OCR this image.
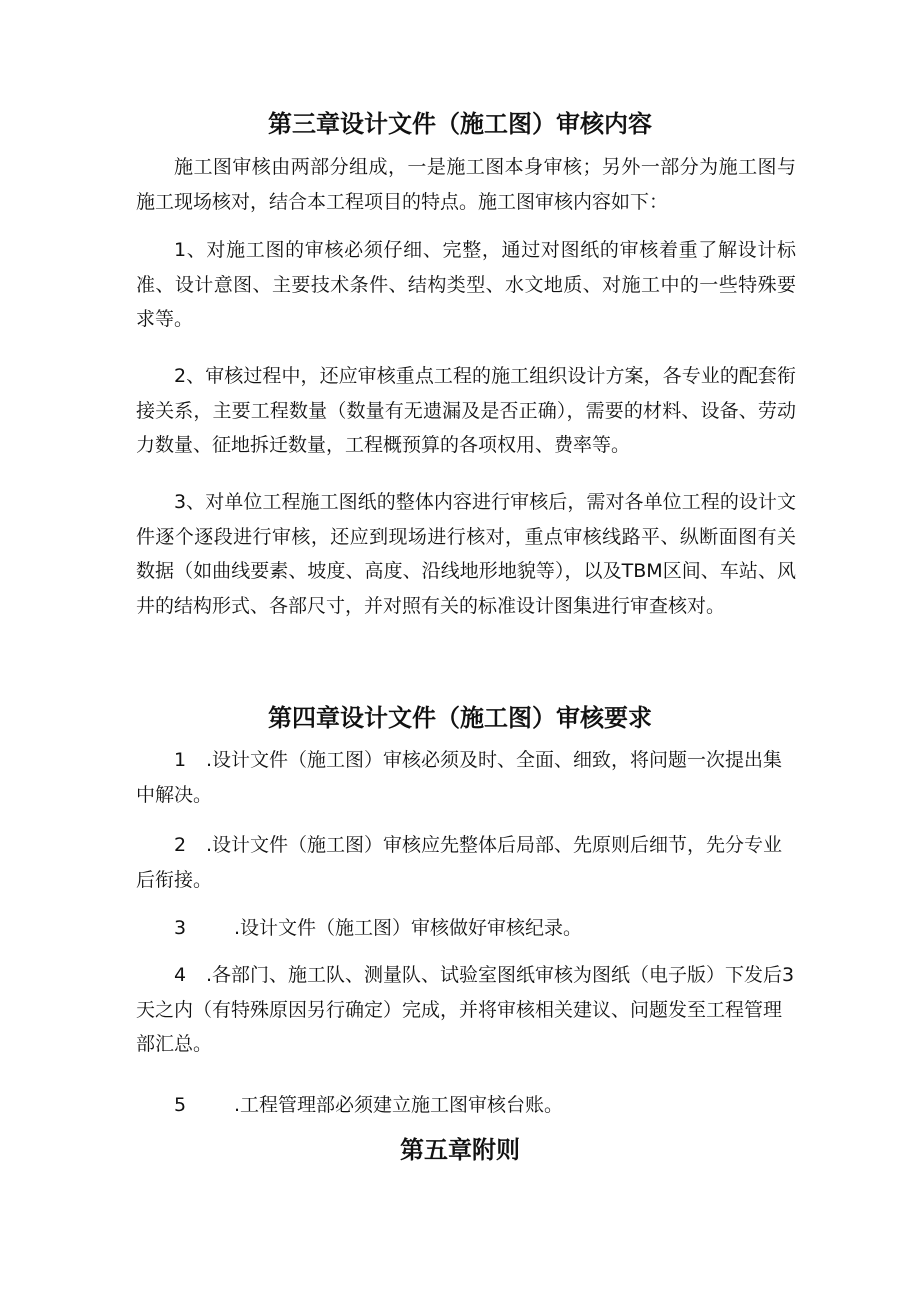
第三章设计文件（施工图）审核内容

施工图审核由两部分组成，一是施工图本身审核；另外一部分为施工图与施工现场核对，结合本工程项目的特点。施工图审核内容如下：

1、对施工图的审核必须仔细、完整，通过对图纸的审核着重了解设计标准、设计意图、主要技术条件、结构类型、水文地质、对施工中的一些特殊要求等。

2、审核过程中，还应审核重点工程的施工组织设计方案，各专业的配套衔接关系，主要工程数量（数量有无遗漏及是否正确），需要的材料、设备、劳动力数量、征地拆迁数量，工程概预算的各项权用、费率等。

3、对单位工程施工图纸的整体内容进行审核后，需对各单位工程的设计文件逐个逐段进行审核，还应到现场进行核对，重点审核线路平、纵断面图有关数据（如曲线要素、坡度、高度、沿线地形地貌等），以及TBM区间、车站、风井的结构形式、各部尺寸，并对照有关的标准设计图集进行审查核对。

第四章设计文件（施工图）审核要求

1 .设计文件（施工图）审核必须及时、全面、细致，将问题一次提出集中解决。

2 .设计文件（施工图）审核应先整体后局部、先原则后细节，先分专业后衔接。

3	.设计文件（施工图）审核做好审核纪录。

4 .各部门、施工队、测量队、试验室图纸审核为图纸（电子版）下发后3天之内（有特殊原因另行确定）完成，并将审核相关建议、问题发至工程管理部汇总。

5	.工程管理部必须建立施工图审核台账。

第五章附则
